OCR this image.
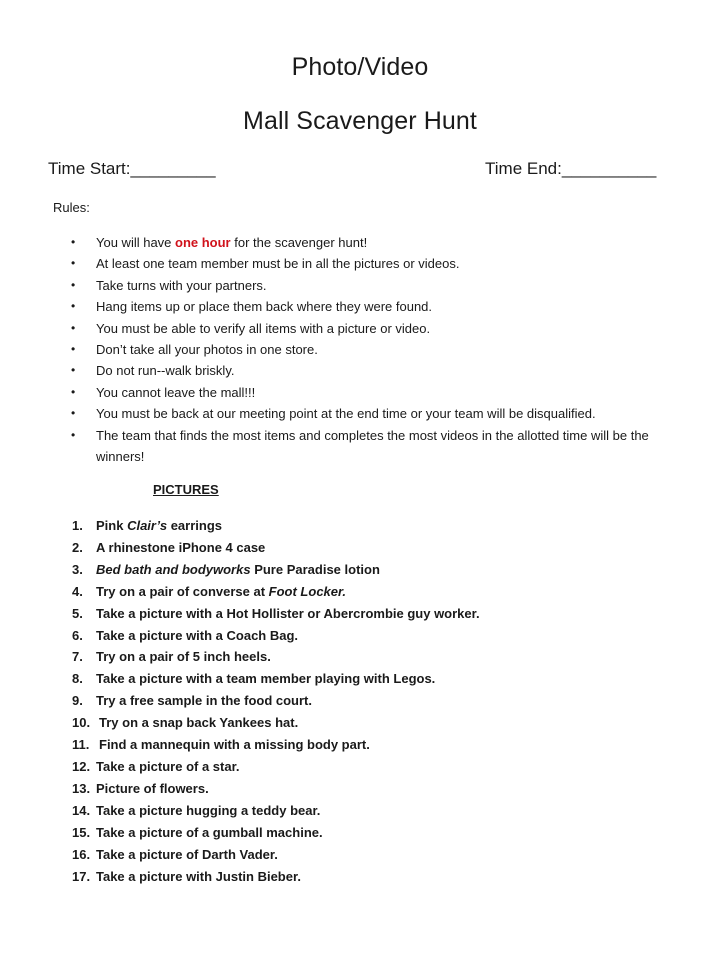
Photo/Video
Mall Scavenger Hunt
Time Start:_________	Time End:__________
Rules:
• You will have one hour for the scavenger hunt!
• At least one team member must be in all the pictures or videos.
• Take turns with your partners.
• Hang items up or place them back where they were found.
• You must be able to verify all items with a picture or video.
• Don’t take all your photos in one store.
• Do not run--walk briskly.
• You cannot leave the mall!!!
• You must be back at our meeting point at the end time or your team will be disqualified.
• The team that finds the most items and completes the most videos in the allotted time will be the winners!
PICTURES
1. Pink Clair’s earrings
2. A rhinestone iPhone 4 case
3. Bed bath and bodyworks Pure Paradise lotion
4. Try on a pair of converse at Foot Locker.
5. Take a picture with a Hot Hollister or Abercrombie guy worker.
6. Take a picture with a Coach Bag.
7. Try on a pair of 5 inch heels.
8. Take a picture with a team member playing with Legos.
9. Try a free sample in the food court.
10. Try on a snap back Yankees hat.
11. Find a mannequin with a missing body part.
12. Take a picture of a star.
13. Picture of flowers.
14. Take a picture hugging a teddy bear.
15. Take a picture of a gumball machine.
16. Take a picture of Darth Vader.
17. Take a picture with Justin Bieber.
